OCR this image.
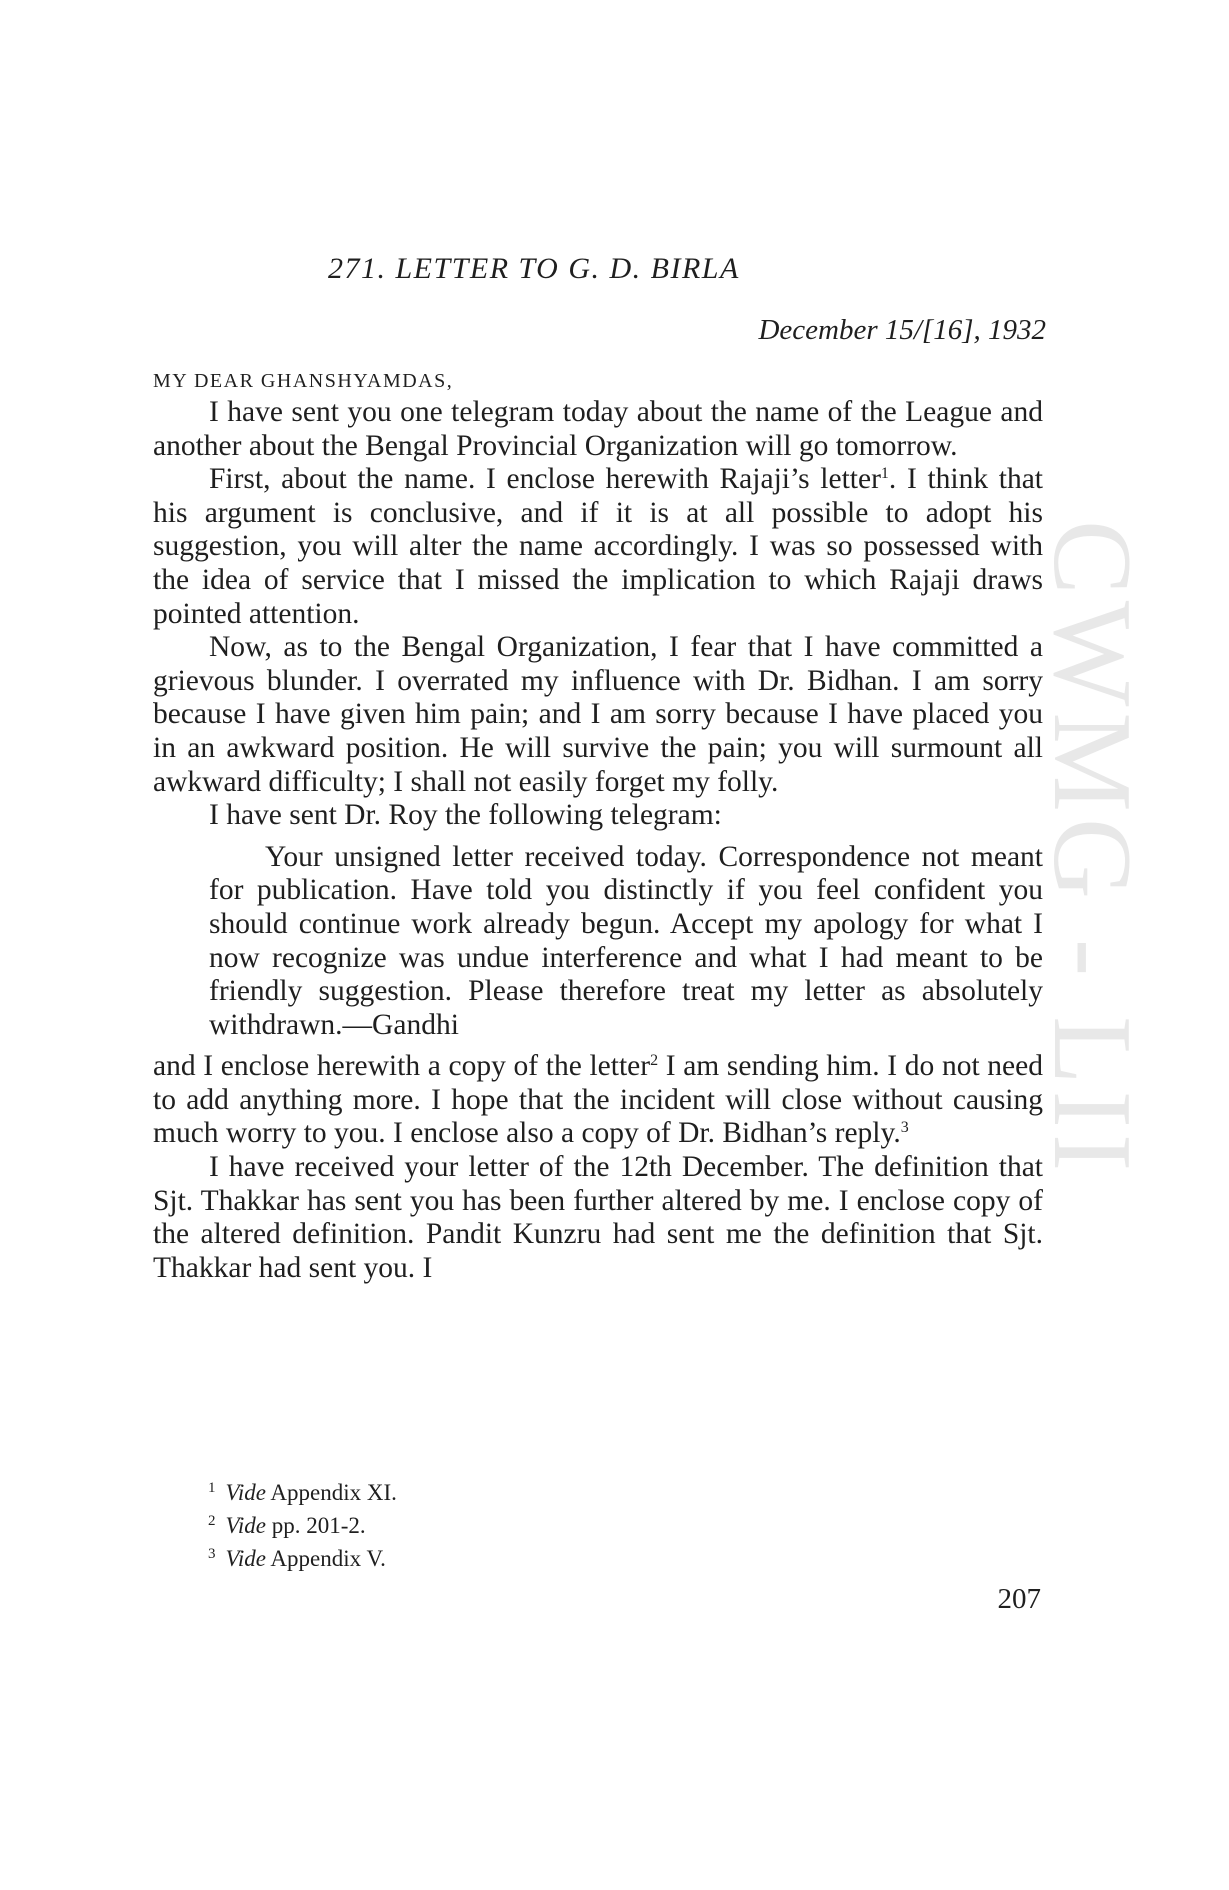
CWMG - LII
271. LETTER TO G. D. BIRLA
December 15/[16], 1932
MY DEAR GHANSHYAMDAS,

I have sent you one telegram today about the name of the League and another about the Bengal Provincial Organization will go tomorrow.

First, about the name. I enclose herewith Rajaji’s letter$^1$. I think that his argument is conclusive, and if it is at all possible to adopt his suggestion, you will alter the name accordingly. I was so possessed with the idea of service that I missed the implication to which Rajaji draws pointed attention.

Now, as to the Bengal Organization, I fear that I have committed a grievous blunder. I overrated my influence with Dr. Bidhan. I am sorry because I have given him pain; and I am sorry because I have placed you in an awkward position. He will survive the pain; you will surmount all awkward difficulty; I shall not easily forget my folly.

I have sent Dr. Roy the following telegram:

Your unsigned letter received today. Correspondence not meant for publication. Have told you distinctly if you feel confident you should continue work already begun. Accept my apology for what I now recognize was undue interference and what I had meant to be friendly suggestion. Please therefore treat my letter as absolutely withdrawn.—Gandhi

and I enclose herewith a copy of the letter$^2$ I am sending him. I do not need to add anything more. I hope that the incident will close without causing much worry to you. I enclose also a copy of Dr. Bidhan’s reply.$^3$

I have received your letter of the 12th December. The definition that Sjt. Thakkar has sent you has been further altered by me. I enclose copy of the altered definition. Pandit Kunzru had sent me the definition that Sjt. Thakkar had sent you. I

$^1$ Vide Appendix XI.
$^2$ Vide pp. 201-2.
$^3$ Vide Appendix V.
207
